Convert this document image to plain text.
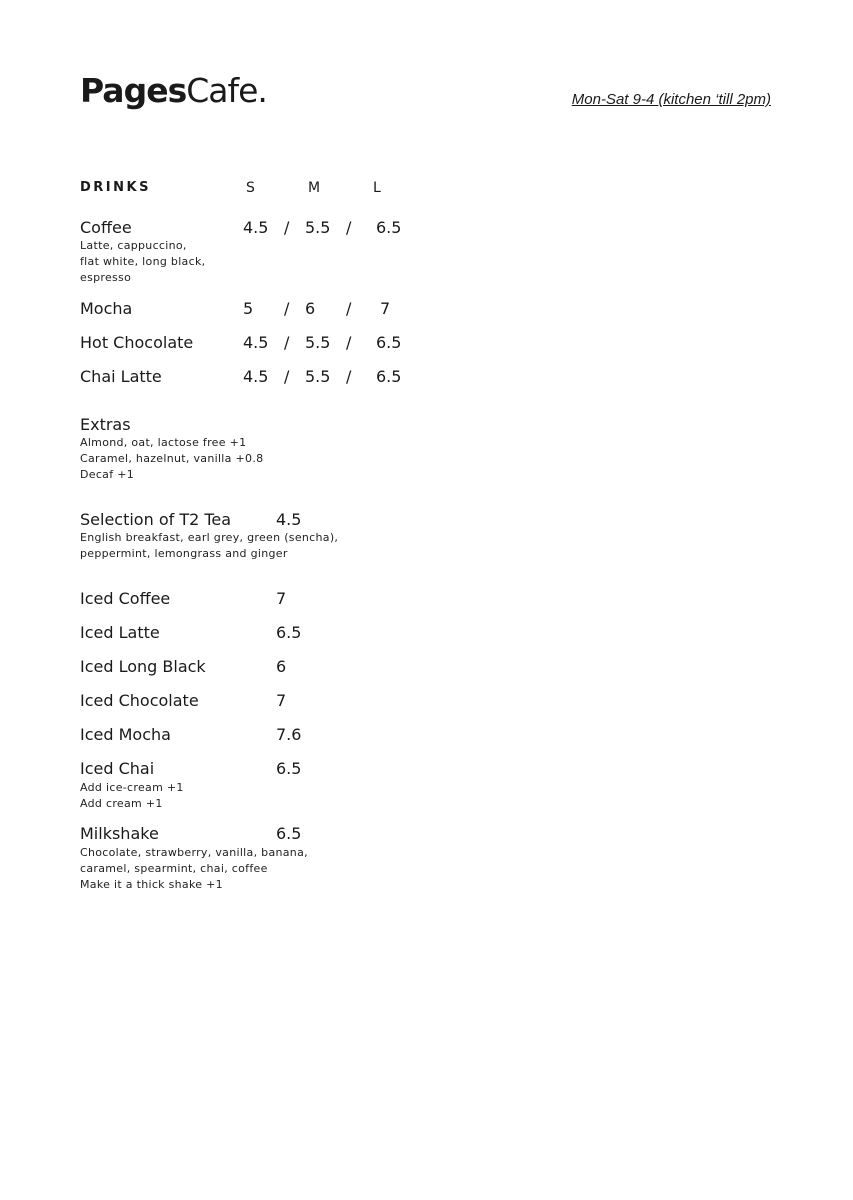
PagesCafe.	Mon-Sat 9-4 (kitchen ‘till 2pm)
DRINKS	S	M	L
Coffee	4.5 / 5.5 / 6.5
Latte, cappuccino,
flat white, long black,
espresso
Mocha	5 / 6 / 7
Hot Chocolate	4.5 / 5.5 / 6.5
Chai Latte	4.5 / 5.5 / 6.5
Extras
Almond, oat, lactose free +1
Caramel, hazelnut, vanilla +0.8
Decaf +1
Selection of T2 Tea	4.5
English breakfast, earl grey, green (sencha),
peppermint, lemongrass and ginger
Iced Coffee	7
Iced Latte	6.5
Iced Long Black	6
Iced Chocolate	7
Iced Mocha	7.6
Iced Chai	6.5
Add ice-cream +1
Add cream +1
Milkshake	6.5
Chocolate, strawberry, vanilla, banana,
caramel, spearmint, chai, coffee
Make it a thick shake +1
